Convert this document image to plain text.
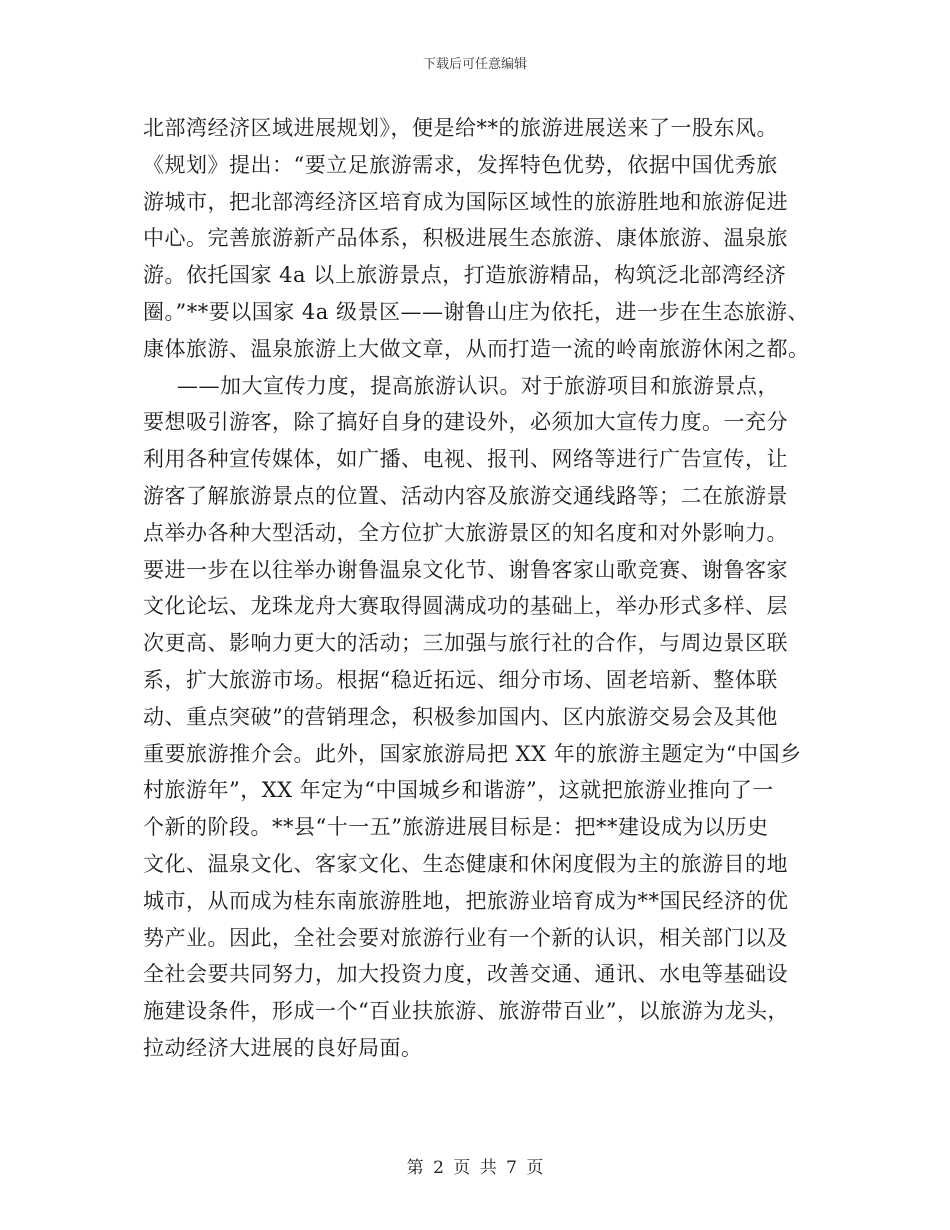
下载后可任意编辑
北部湾经济区域进展规划》，便是给**的旅游进展送来了一股东风。
《规划》提出：“要立足旅游需求，发挥特色优势，依据中国优秀旅
游城市，把北部湾经济区培育成为国际区域性的旅游胜地和旅游促进
中心。完善旅游新产品体系，积极进展生态旅游、康体旅游、温泉旅
游。依托国家 4a 以上旅游景点，打造旅游精品，构筑泛北部湾经济
圈。”**要以国家 4a 级景区——谢鲁山庄为依托，进一步在生态旅游、
康体旅游、温泉旅游上大做文章，从而打造一流的岭南旅游休闲之都。
——加大宣传力度，提高旅游认识。对于旅游项目和旅游景点，
要想吸引游客，除了搞好自身的建设外，必须加大宣传力度。一充分
利用各种宣传媒体，如广播、电视、报刊、网络等进行广告宣传，让
游客了解旅游景点的位置、活动内容及旅游交通线路等；二在旅游景
点举办各种大型活动，全方位扩大旅游景区的知名度和对外影响力。
要进一步在以往举办谢鲁温泉文化节、谢鲁客家山歌竞赛、谢鲁客家
文化论坛、龙珠龙舟大赛取得圆满成功的基础上，举办形式多样、层
次更高、影响力更大的活动；三加强与旅行社的合作，与周边景区联
系，扩大旅游市场。根据“稳近拓远、细分市场、固老培新、整体联
动、重点突破”的营销理念，积极参加国内、区内旅游交易会及其他
重要旅游推介会。此外，国家旅游局把 XX 年的旅游主题定为“中国乡
村旅游年”，XX 年定为“中国城乡和谐游”，这就把旅游业推向了一
个新的阶段。**县“十一五”旅游进展目标是：把**建设成为以历史
文化、温泉文化、客家文化、生态健康和休闲度假为主的旅游目的地
城市，从而成为桂东南旅游胜地，把旅游业培育成为**国民经济的优
势产业。因此，全社会要对旅游行业有一个新的认识，相关部门以及
全社会要共同努力，加大投资力度，改善交通、通讯、水电等基础设
施建设条件，形成一个“百业扶旅游、旅游带百业”，以旅游为龙头，
拉动经济大进展的良好局面。
第 2 页 共 7 页
